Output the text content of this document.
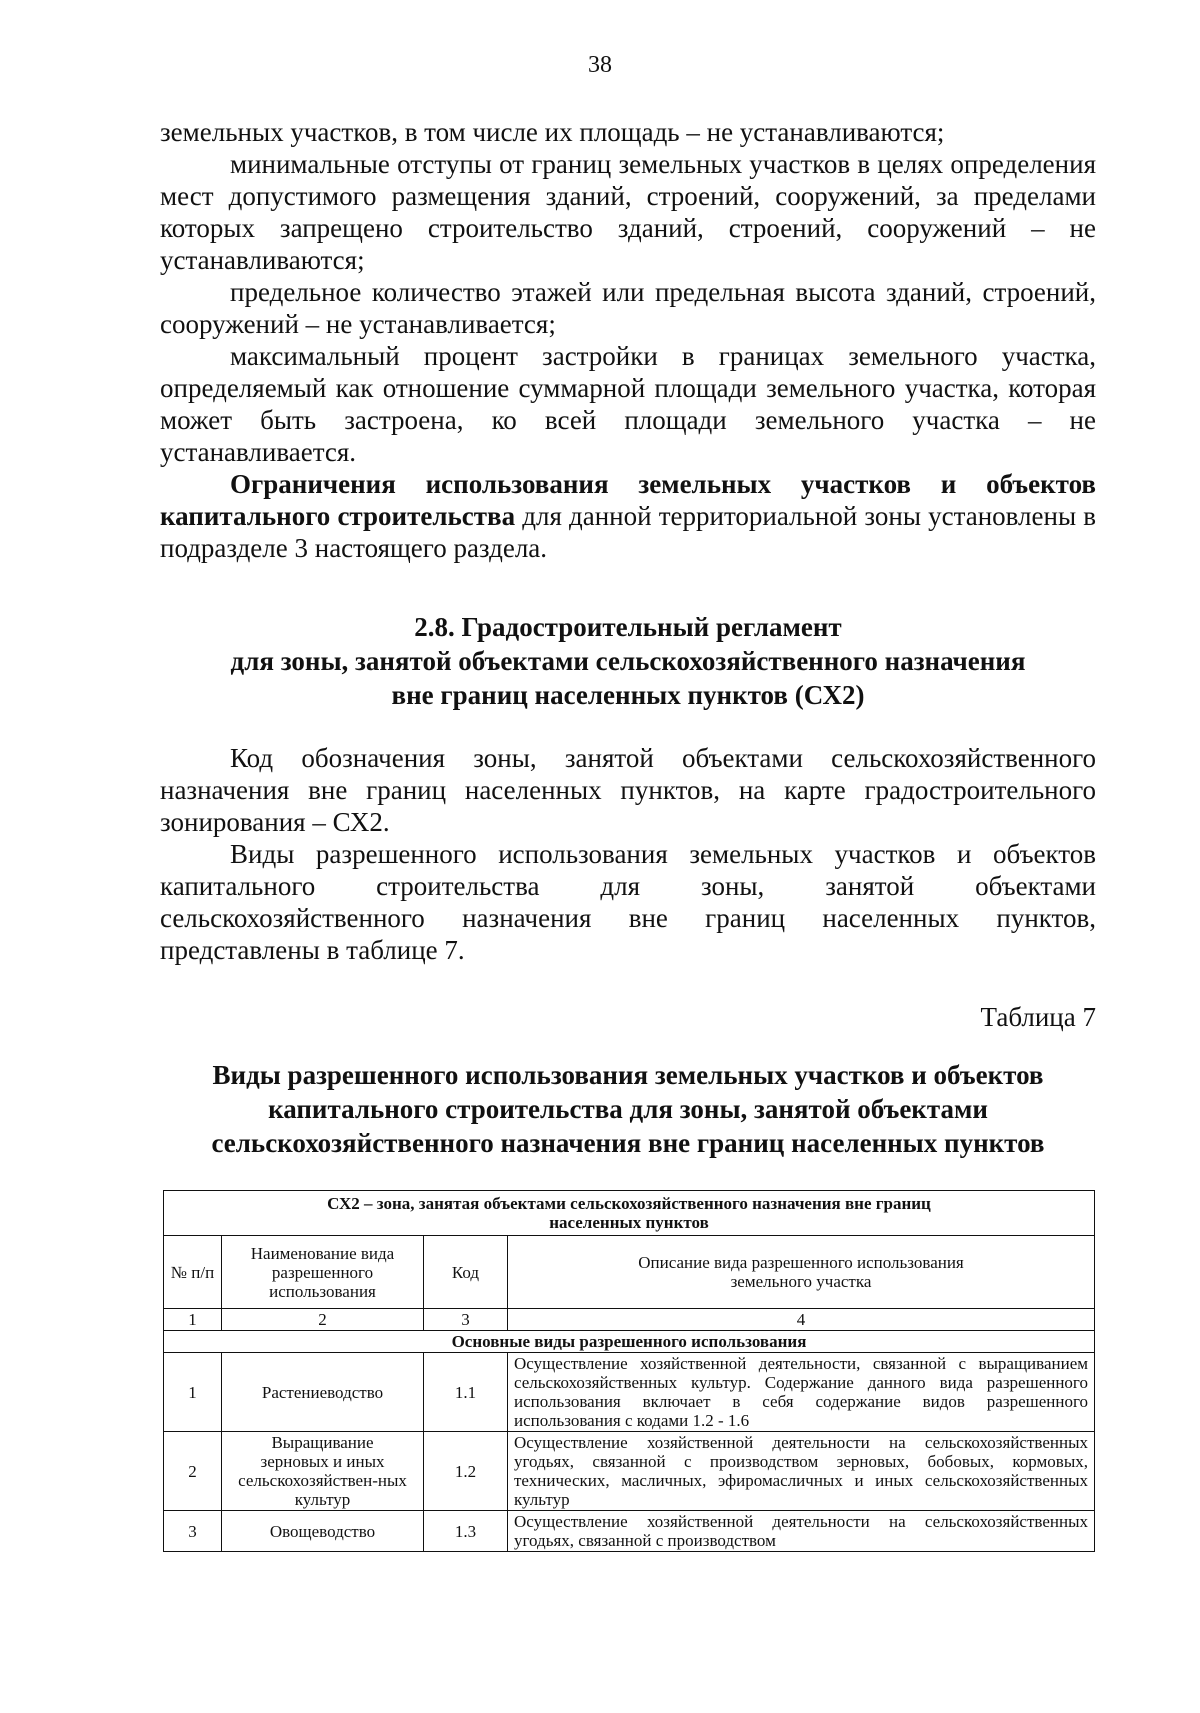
38

земельных участков, в том числе их площадь – не устанавливаются;

минимальные отступы от границ земельных участков в целях определения мест допустимого размещения зданий, строений, сооружений, за пределами которых запрещено строительство зданий, строений, сооружений – не устанавливаются;

предельное количество этажей или предельная высота зданий, строений, сооружений – не устанавливается;

максимальный процент застройки в границах земельного участка, определяемый как отношение суммарной площади земельного участка, которая может быть застроена, ко всей площади земельного участка – не устанавливается.

Ограничения использования земельных участков и объектов капитального строительства для данной территориальной зоны установлены в подразделе 3 настоящего раздела.

2.8. Градостроительный регламент
для зоны, занятой объектами сельскохозяйственного назначения
вне границ населенных пунктов (СХ2)

Код обозначения зоны, занятой объектами сельскохозяйственного назначения вне границ населенных пунктов, на карте градостроительного зонирования – СХ2.

Виды разрешенного использования земельных участков и объектов капитального строительства для зоны, занятой объектами сельскохозяйственного назначения вне границ населенных пунктов, представлены в таблице 7.

Таблица 7
Виды разрешенного использования земельных участков и объектов
капитального строительства для зоны, занятой объектами
сельскохозяйственного назначения вне границ населенных пунктов
СХ2 – зона, занятая объектами сельскохозяйственного назначения вне границ населенных пунктов			
№ п/п	Наименование вида разрешенного использования	Код	Описание вида разрешенного использования земельного участка
1	2	3	4
Основные виды разрешенного использования			
1	Растениеводство	1.1	Осуществление хозяйственной деятельности, связанной с выращиванием сельскохозяйственных культур. Содержание данного вида разрешенного использования включает в себя содержание видов разрешенного использования с кодами 1.2 - 1.6
2	Выращивание зерновых и иных сельскохозяйствен-ных культур	1.2	Осуществление хозяйственной деятельности на сельскохозяйственных угодьях, связанной с производством зерновых, бобовых, кормовых, технических, масличных, эфиромасличных и иных сельскохозяйственных культур
3	Овощеводство	1.3	Осуществление хозяйственной деятельности на сельскохозяйственных угодьях, связанной с производством
